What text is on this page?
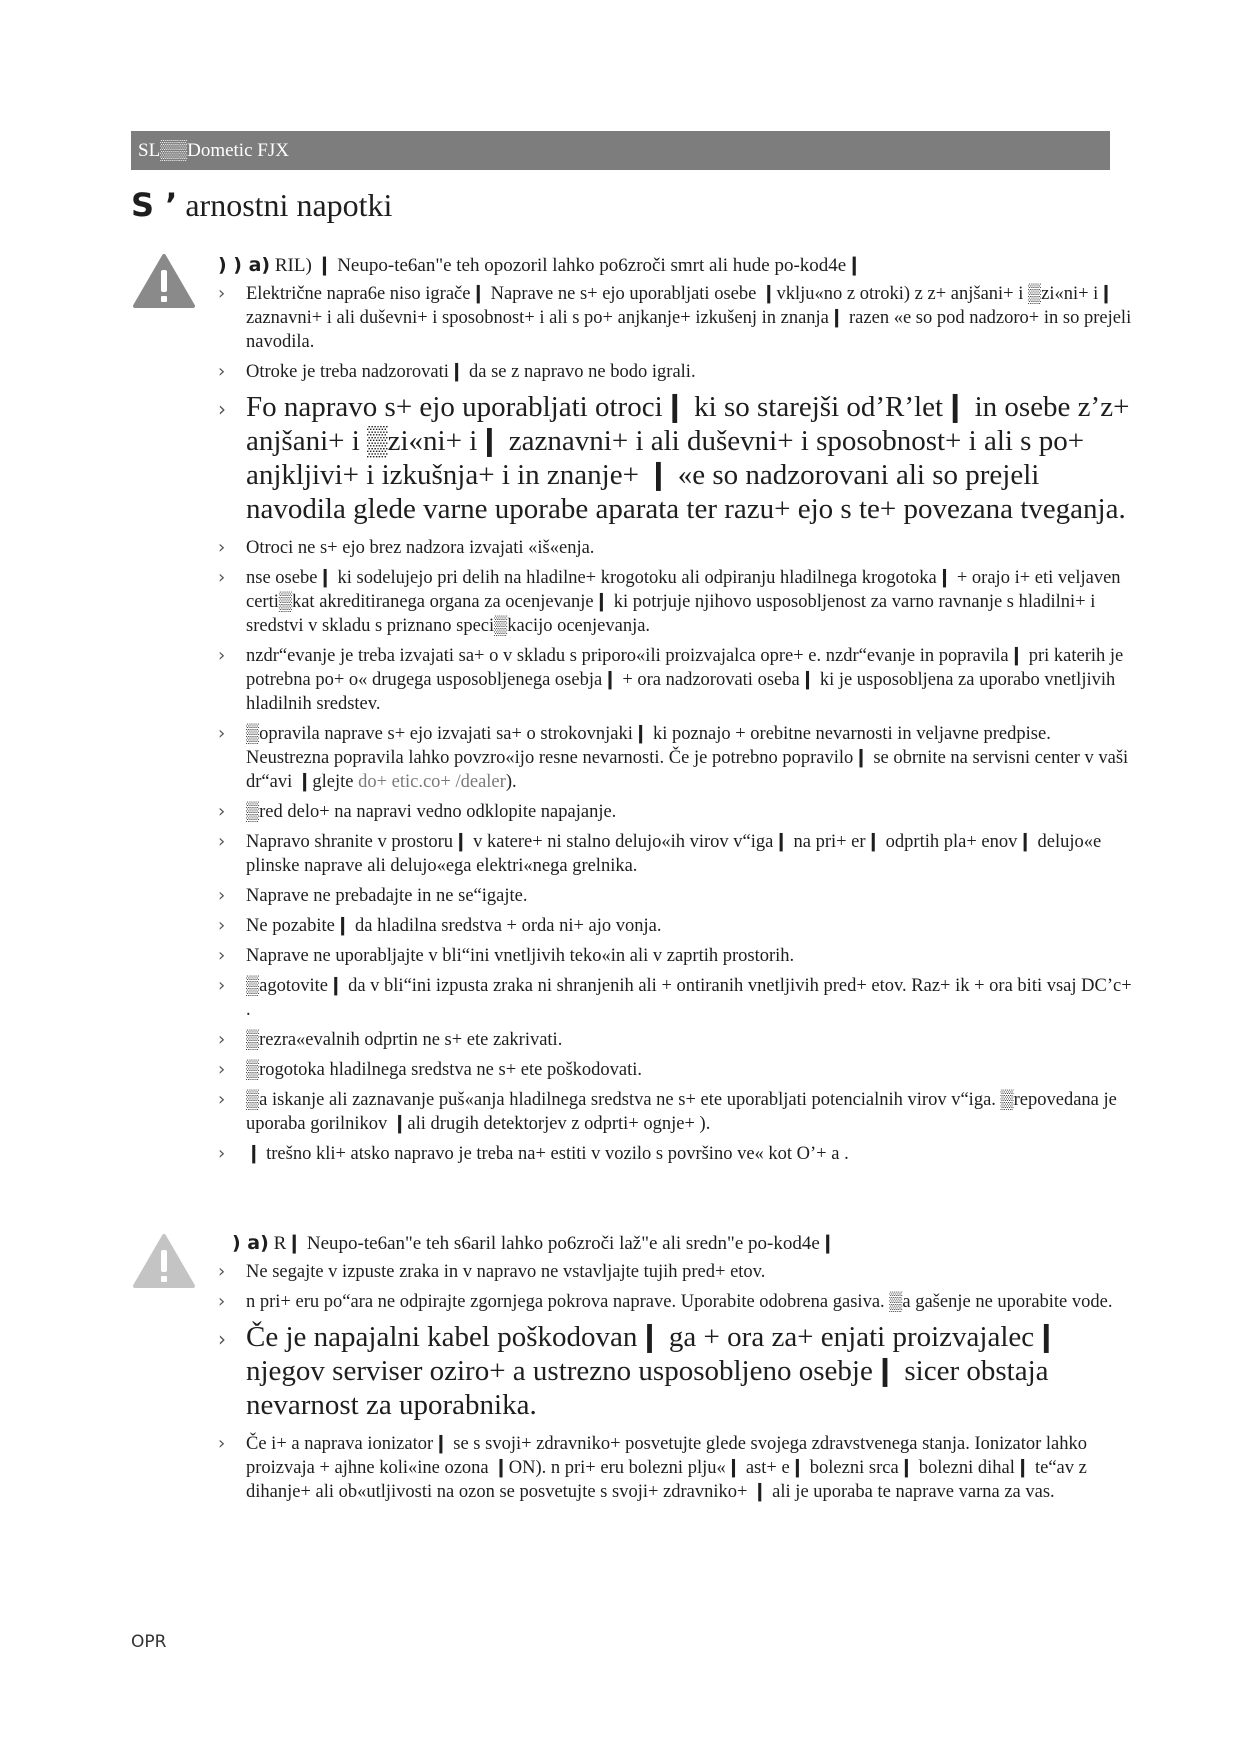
SL▒▒Dometic FJX
S ’ arnostni napotki
) ) a) RIL) ❙ Neupo-te6an"e teh opozoril lahko po6zroči smrt ali hude po-kod4e❙
› Električne napra6e niso igrače❙ Naprave ne s+ ejo uporabljati osebe ❙vklju«no z otroki) z z+ anjšani+ i ▒zi«ni+ i❙ zaznavni+ i ali duševni+ i sposobnost+ i ali s po+ anjkanje+ izkušenj in znanja❙ razen «e so pod nadzoro+ in so prejeli navodila.
› Otroke je treba nadzorovati❙ da se z napravo ne bodo igrali.
› Fo napravo s+ ejo uporabljati otroci❙ ki so starejši od’R’let❙ in osebe z’z+ anjšani+ i ▒zi«ni+ i❙ zaznavni+ i ali duševni+ i sposobnost+ i ali s po+ anjkljivi+ i izkušnja+ i in znanje+ ❙ «e so nadzorovani ali so prejeli navodila glede varne uporabe aparata ter razu+ ejo s te+ povezana tveganja.
› Otroci ne s+ ejo brez nadzora izvajati «iš«enja.
› nse osebe❙ ki sodelujejo pri delih na hladilne+ krogotoku ali odpiranju hladilnega krogotoka❙ + orajo i+ eti veljaven certi▒kat akreditiranega organa za ocenjevanje❙ ki potrjuje njihovo usposobljenost za varno ravnanje s hladilni+ i sredstvi v skladu s priznano speci▒kacijo ocenjevanja.
› nzdr“evanje je treba izvajati sa+ o v skladu s priporo«ili proizvajalca opre+ e. nzdr“evanje in popravila❙ pri katerih je potrebna po+ o« drugega usposobljenega osebja❙ + ora nadzorovati oseba❙ ki je usposobljena za uporabo vnetljivih hladilnih sredstev.
› ▒opravila naprave s+ ejo izvajati sa+ o strokovnjaki❙ ki poznajo + orebitne nevarnosti in veljavne predpise. Neustrezna popravila lahko povzro«ijo resne nevarnosti. Če je potrebno popravilo❙ se obrnite na servisni center v vaši dr“avi ❙glejte do+ etic.co+ /dealer).
› ▒red delo+ na napravi vedno odklopite napajanje.
› Napravo shranite v prostoru❙ v katere+ ni stalno delujo«ih virov v“iga❙ na pri+ er❙ odprtih pla+ enov❙ delujo«e plinske naprave ali delujo«ega elektri«nega grelnika.
› Naprave ne prebadajte in ne se“igajte.
› Ne pozabite❙ da hladilna sredstva + orda ni+ ajo vonja.
› Naprave ne uporabljajte v bli“ini vnetljivih teko«in ali v zaprtih prostorih.
› ▒agotovite❙ da v bli“ini izpusta zraka ni shranjenih ali + ontiranih vnetljivih pred+ etov. Raz+ ik + ora biti vsaj DC’c+ .
› ▒rezra«evalnih odprtin ne s+ ete zakrivati.
› ▒rogotoka hladilnega sredstva ne s+ ete poškodovati.
› ▒a iskanje ali zaznavanje puš«anja hladilnega sredstva ne s+ ete uporabljati potencialnih virov v“iga. ▒repovedana je uporaba gorilnikov ❙ali drugih detektorjev z odprti+ ognje+ ).
› ❙ trešno kli+ atsko napravo je treba na+ estiti v vozilo s površino ve« kot O’+ a .
) a) R❙ Neupo-te6an"e teh s6aril lahko po6zroči laž"e ali sredn"e po-kod4e❙
› Ne segajte v izpuste zraka in v napravo ne vstavljajte tujih pred+ etov.
› n pri+ eru po“ara ne odpirajte zgornjega pokrova naprave. Uporabite odobrena gasiva. ▒a gašenje ne uporabite vode.
› Če je napajalni kabel poškodovan❙ ga + ora za+ enjati proizvajalec❙ njegov serviser oziro+ a ustrezno usposobljeno osebje❙ sicer obstaja nevarnost za uporabnika.
› Če i+ a naprava ionizator❙ se s svoji+ zdravniko+ posvetujte glede svojega zdravstvenega stanja. Ionizator lahko proizvaja + ajhne koli«ine ozona ❙ON). n pri+ eru bolezni plju«❙ ast+ e❙ bolezni srca❙ bolezni dihal❙ te“av z dihanje+ ali ob«utljivosti na ozon se posvetujte s svoji+ zdravniko+ ❙ ali je uporaba te naprave varna za vas.
OPR
